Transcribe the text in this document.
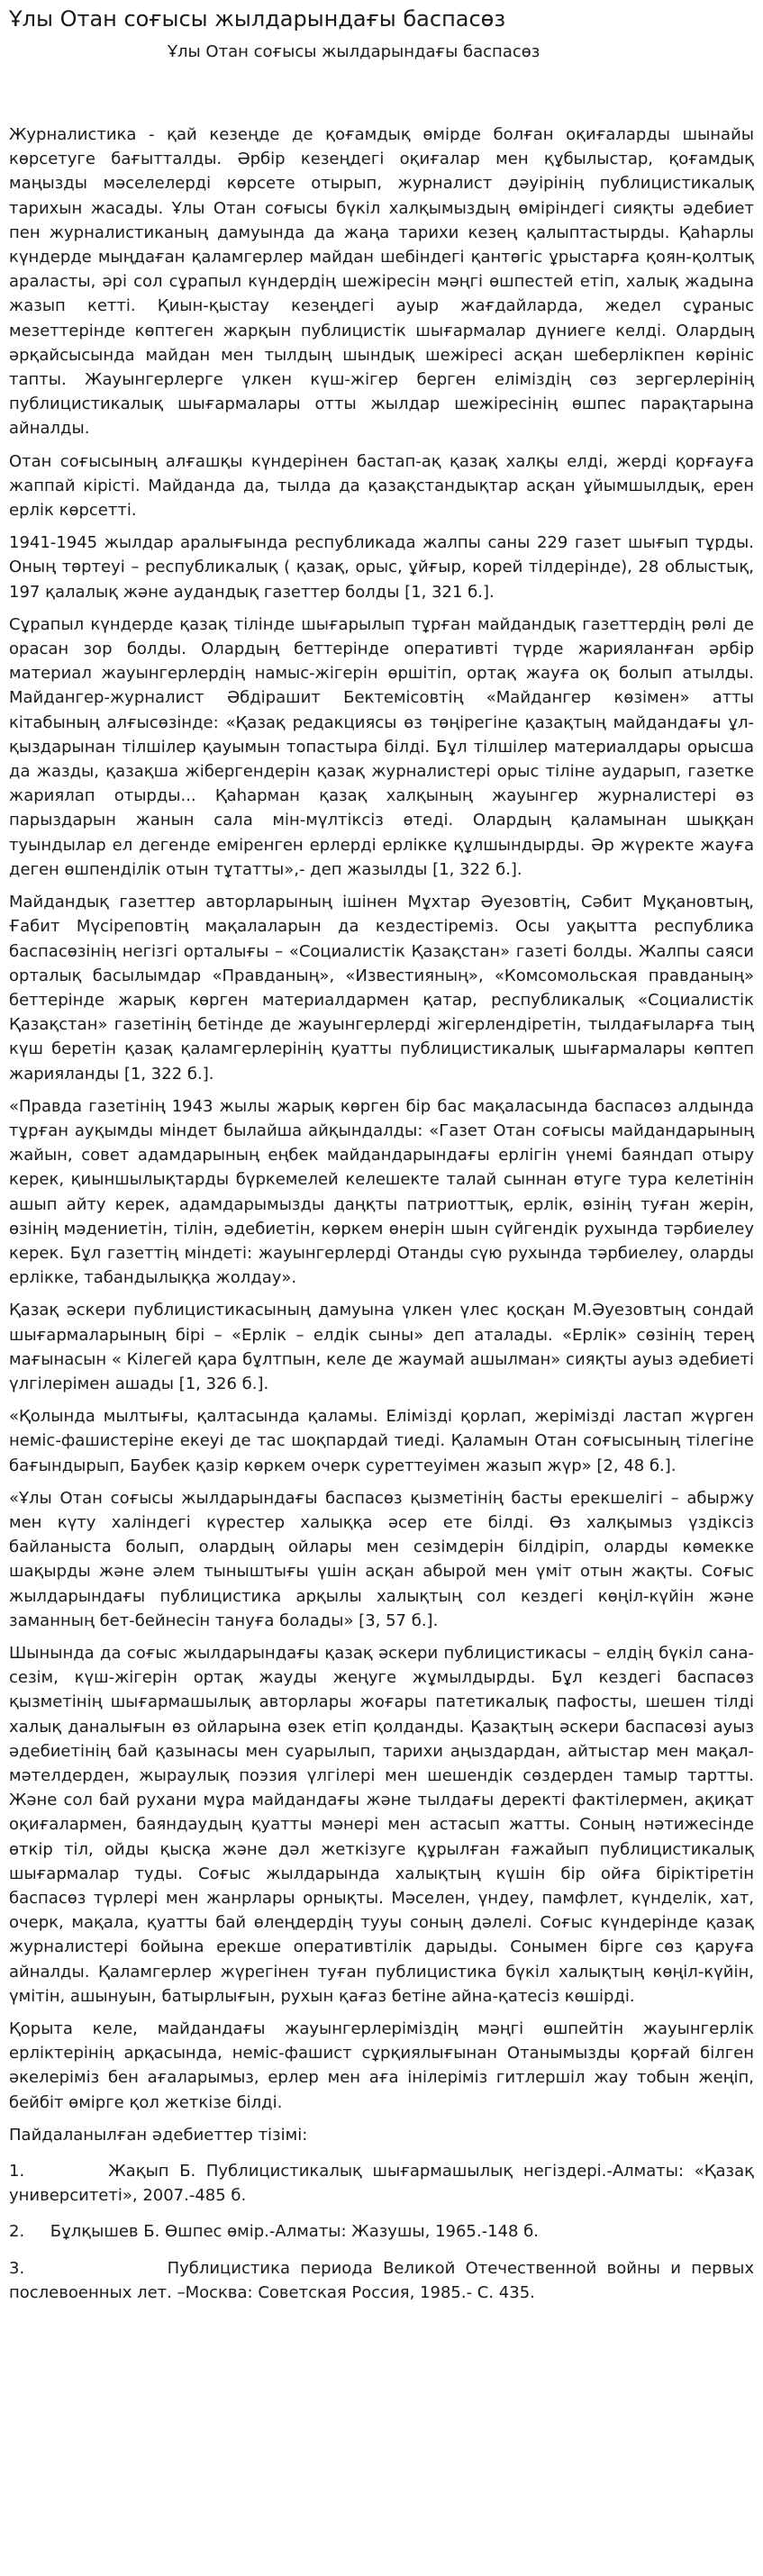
Ұлы Отан соғысы жылдарындағы баспасөз
Ұлы Отан соғысы жылдарындағы баспасөз

Журналистика - қай кезеңде де қоғамдық өмірде болған оқиғаларды шынайы көрсетуге бағытталды. Әрбір кезеңдегі оқиғалар мен құбылыстар, қоғамдық маңызды мәселелерді көрсете отырып, журналист дәуірінің публицистикалық тарихын жасады. Ұлы Отан соғысы бүкіл халқымыздың өміріндегі сияқты әдебиет пен журналистиканың дамуында да жаңа тарихи кезең қалыптастырды. Қаһарлы күндерде мыңдаған қаламгерлер майдан шебіндегі қантөгіс ұрыстарға қоян-қолтық араласты, әрі сол сұрапыл күндердің шежіресін мәңгі өшпестей етіп, халық жадына жазып кетті. Қиын-қыстау кезеңдегі ауыр жағдайларда, жедел сұраныс мезеттерінде көптеген жарқын публицистік шығармалар дүниеге келді. Олардың әрқайсысында майдан мен тылдың шындық шежіресі асқан шеберлікпен көрініс тапты. Жауынгерлерге үлкен күш-жігер берген еліміздің сөз зергерлерінің публицистикалық шығармалары отты жылдар шежіресінің өшпес парақтарына айналды.

Отан соғысының алғашқы күндерінен бастап-ақ қазақ халқы елді, жерді қорғауға жаппай кірісті. Майданда да, тылда да қазақстандықтар асқан ұйымшылдық, ерен ерлік көрсетті.

1941-1945 жылдар аралығында республикада жалпы саны 229 газет шығып тұрды. Оның төртеуі – республикалық ( қазақ, орыс, ұйғыр, корей тілдерінде), 28 облыстық, 197 қалалық және аудандық газеттер болды [1, 321 б.].

Сұрапыл күндерде қазақ тілінде шығарылып тұрған майдандық газеттердің рөлі де орасан зор болды. Олардың беттерінде оперативті түрде жарияланған әрбір материал жауынгерлердің намыс-жігерін өршітіп, ортақ жауға оқ болып атылды. Майдангер-журналист Әбдірашит Бектемісовтің «Майдангер көзімен» атты кітабының алғысөзінде: «Қазақ редакциясы өз төңірегіне қазақтың майдандағы ұл-қыздарынан тілшілер қауымын топастыра білді. Бұл тілшілер материалдары орысша да жазды, қазақша жібергендерін қазақ журналистері орыс тіліне аударып, газетке жариялап отырды... Қаһарман қазақ халқының жауынгер журналистері өз парыздарын жанын сала мін-мүлтіксіз өтеді. Олардың қаламынан шыққан туындылар ел дегенде еміренген ерлерді ерлікке құлшындырды. Әр жүректе жауға деген өшпенділік отын тұтатты»,- деп жазылды [1, 322 б.].

Майдандық газеттер авторларының ішінен Мұхтар Әуезовтің, Сәбит Мұқановтың, Ғабит Мүсіреповтің мақалаларын да кездестіреміз. Осы уақытта республика баспасөзінің негізгі орталығы – «Социалистік Қазақстан» газеті болды. Жалпы саяси орталық басылымдар «Правданың», «Известияның», «Комсомольская правданың» беттерінде жарық көрген материалдармен қатар, республикалық «Социалистік Қазақстан» газетінің бетінде де жауынгерлерді жігерлендіретін, тылдағыларға тың күш беретін қазақ қаламгерлерінің қуатты публицистикалық шығармалары көптеп жарияланды [1, 322 б.].

«Правда газетінің 1943 жылы жарық көрген бір бас мақаласында баспасөз алдында тұрған ауқымды міндет былайша айқындалды: «Газет Отан соғысы майдандарының жайын, совет адамдарының еңбек майдандарындағы ерлігін үнемі баяндап отыру керек, қиыншылықтарды бүркемелей келешекте талай сыннан өтуге тура келетінін ашып айту керек, адамдарымызды даңқты патриоттық, ерлік, өзінің туған жерін, өзінің мәдениетін, тілін, әдебиетін, көркем өнерін шын сүйгендік рухында тәрбиелеу керек. Бұл газеттің міндеті: жауынгерлерді Отанды сүю рухында тәрбиелеу, оларды ерлікке, табандылыққа жолдау».

Қазақ әскери публицистикасының дамуына үлкен үлес қосқан М.Әуезовтың сондай шығармаларының бірі – «Ерлік – елдік сыны» деп аталады. «Ерлік» сөзінің терең мағынасын « Кілегей қара бұлтпын, келе де жаумай ашылман» сияқты ауыз әдебиеті үлгілерімен ашады [1, 326 б.].

«Қолында мылтығы, қалтасында қаламы. Елімізді қорлап, жерімізді ластап жүрген неміс-фашистеріне екеуі де тас шоқпардай тиеді. Қаламын Отан соғысының тілегіне бағындырып, Баубек қазір көркем очерк суреттеуімен жазып жүр» [2, 48 б.].

«Ұлы Отан соғысы жылдарындағы баспасөз қызметінің басты ерекшелігі – абыржу мен күту халіндегі күрестер халыққа әсер ете білді. Өз халқымыз үздіксіз байланыста болып, олардың ойлары мен сезімдерін білдіріп, оларды көмекке шақырды және әлем тыныштығы үшін асқан абырой мен үміт отын жақты. Соғыс жылдарындағы публицистика арқылы халықтың сол кездегі көңіл-күйін және заманның бет-бейнесін тануға болады» [3, 57 б.].

Шынында да соғыс жылдарындағы қазақ әскери публицистикасы – елдің бүкіл сана-сезім, күш-жігерін ортақ жауды жеңуге жұмылдырды. Бұл кездегі баспасөз қызметінің шығармашылық авторлары жоғары патетикалық пафосты, шешен тілді халық даналығын өз ойларына өзек етіп қолданды. Қазақтың әскери баспасөзі ауыз әдебиетінің бай қазынасы мен суарылып, тарихи аңыздардан, айтыстар мен мақал-мәтелдерден, жыраулық поэзия үлгілері мен шешендік сөздерден тамыр тартты. Және сол бай рухани мұра майдандағы және тылдағы деректі фактілермен, ақиқат оқиғалармен, баяндаудың қуатты мәнері мен астасып жатты. Соның нәтижесінде өткір тіл, ойды қысқа және дәл жеткізуге құрылған ғажайып публицистикалық шығармалар туды. Соғыс жылдарында халықтың күшін бір ойға біріктіретін баспасөз түрлері мен жанрлары орнықты. Мәселен, үндеу, памфлет, күнделік, хат, очерк, мақала, қуатты бай өлеңдердің тууы соның дәлелі. Соғыс күндеріндe қазақ журналистері бойына ерекше оперативтілік дарыды. Сонымен бірге сөз қаруға айналды. Қаламгерлер жүрегінен туған публицистика бүкіл халықтың көңіл-күйін, үмітін, ашынуын, батырлығын, рухын қағаз бетіне айна-қатесіз көшірді.

Қорыта келе, майдандағы жауынгерлеріміздің мәңгі өшпейтін жауынгерлік ерліктерінің арқасында, неміс-фашист сұрқиялығынан Отанымызды қорғай білген әкелерiміз бен ағаларымыз, ерлер мен аға iнiлерiміз гитлершiл жау тобын жеңiп, бейбiт өмiрге қол жеткiзе бiлдi.

Пайдаланылған әдебиеттер тізімі:

1.	Жақып Б. Публицистикалық шығармашылық негіздері.-Алматы: «Қазақ университеті», 2007.-485 б.

2. Бұлқышев Б. Өшпес өмір.-Алматы: Жазушы, 1965.-148 б.

3.	Публицистика периода Великой Отечественной войны и первых послевоенных лет. –Москва: Советская Россия, 1985.- С. 435.
